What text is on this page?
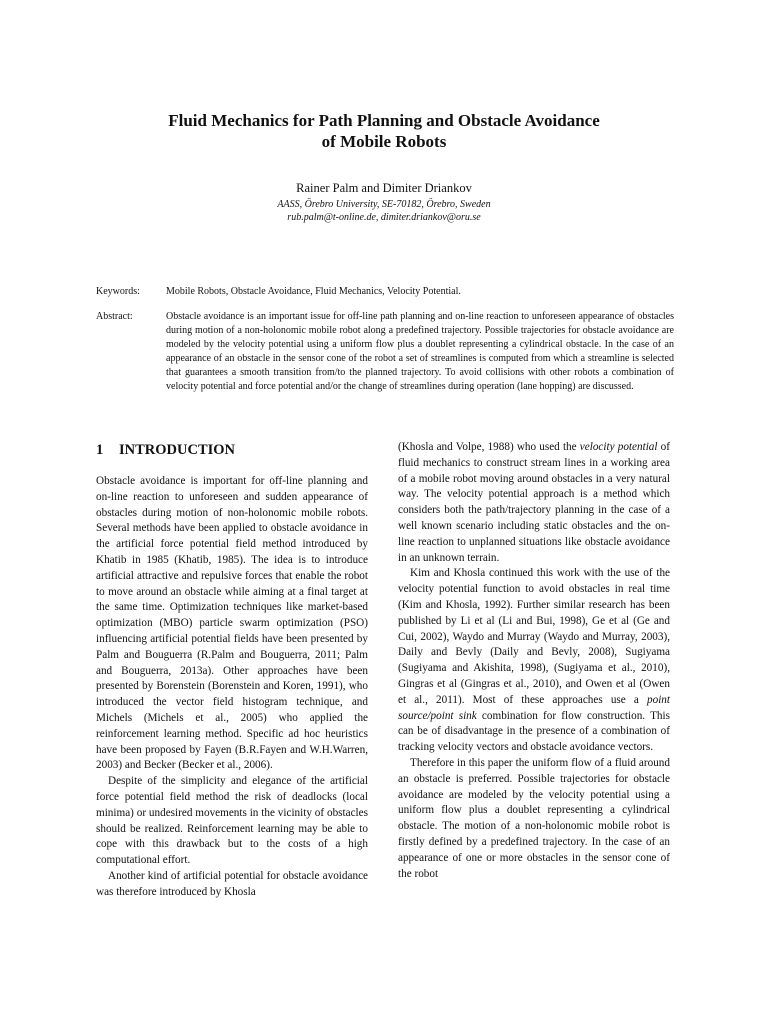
Fluid Mechanics for Path Planning and Obstacle Avoidance
of Mobile Robots
Rainer Palm and Dimiter Driankov
AASS, Örebro University, SE-70182, Örebro, Sweden
rub.palm@t-online.de, dimiter.driankov@oru.se
Keywords:	Mobile Robots, Obstacle Avoidance, Fluid Mechanics, Velocity Potential.
Abstract:	Obstacle avoidance is an important issue for off-line path planning and on-line reaction to unforeseen appearance of obstacles during motion of a non-holonomic mobile robot along a predefined trajectory. Possible trajectories for obstacle avoidance are modeled by the velocity potential using a uniform flow plus a doublet representing a cylindrical obstacle. In the case of an appearance of an obstacle in the sensor cone of the robot a set of streamlines is computed from which a streamline is selected that guarantees a smooth transition from/to the planned trajectory. To avoid collisions with other robots a combination of velocity potential and force potential and/or the change of streamlines during operation (lane hopping) are discussed.
1	INTRODUCTION

Obstacle avoidance is important for off-line planning and on-line reaction to unforeseen and sudden appearance of obstacles during motion of non-holonomic mobile robots. Several methods have been applied to obstacle avoidance in the artificial force potential field method introduced by Khatib in 1985 (Khatib, 1985). The idea is to introduce artificial attractive and repulsive forces that enable the robot to move around an obstacle while aiming at a final target at the same time. Optimization techniques like market-based optimization (MBO) particle swarm optimization (PSO) influencing artificial potential fields have been presented by Palm and Bouguerra (R.Palm and Bouguerra, 2011; Palm and Bouguerra, 2013a). Other approaches have been presented by Borenstein (Borenstein and Koren, 1991), who introduced the vector field histogram technique, and Michels (Michels et al., 2005) who applied the reinforcement learning method. Specific ad hoc heuristics have been proposed by Fayen (B.R.Fayen and W.H.Warren, 2003) and Becker (Becker et al., 2006).

Despite of the simplicity and elegance of the artificial force potential field method the risk of deadlocks (local minima) or undesired movements in the vicinity of obstacles should be realized. Reinforcement learning may be able to cope with this drawback but to the costs of a high computational effort.

Another kind of artificial potential for obstacle avoidance was therefore introduced by Khosla

(Khosla and Volpe, 1988) who used the velocity potential of fluid mechanics to construct stream lines in a working area of a mobile robot moving around obstacles in a very natural way. The velocity potential approach is a method which considers both the path/trajectory planning in the case of a well known scenario including static obstacles and the on-line reaction to unplanned situations like obstacle avoidance in an unknown terrain.

Kim and Khosla continued this work with the use of the velocity potential function to avoid obstacles in real time (Kim and Khosla, 1992). Further similar research has been published by Li et al (Li and Bui, 1998), Ge et al (Ge and Cui, 2002), Waydo and Murray (Waydo and Murray, 2003), Daily and Bevly (Daily and Bevly, 2008), Sugiyama (Sugiyama and Akishita, 1998), (Sugiyama et al., 2010), Gingras et al (Gingras et al., 2010), and Owen et al (Owen et al., 2011). Most of these approaches use a point source/point sink combination for flow construction. This can be of disadvantage in the presence of a combination of tracking velocity vectors and obstacle avoidance vectors.

Therefore in this paper the uniform flow of a fluid around an obstacle is preferred. Possible trajectories for obstacle avoidance are modeled by the velocity potential using a uniform flow plus a doublet representing a cylindrical obstacle. The motion of a non-holonomic mobile robot is firstly defined by a predefined trajectory. In the case of an appearance of one or more obstacles in the sensor cone of the robot
